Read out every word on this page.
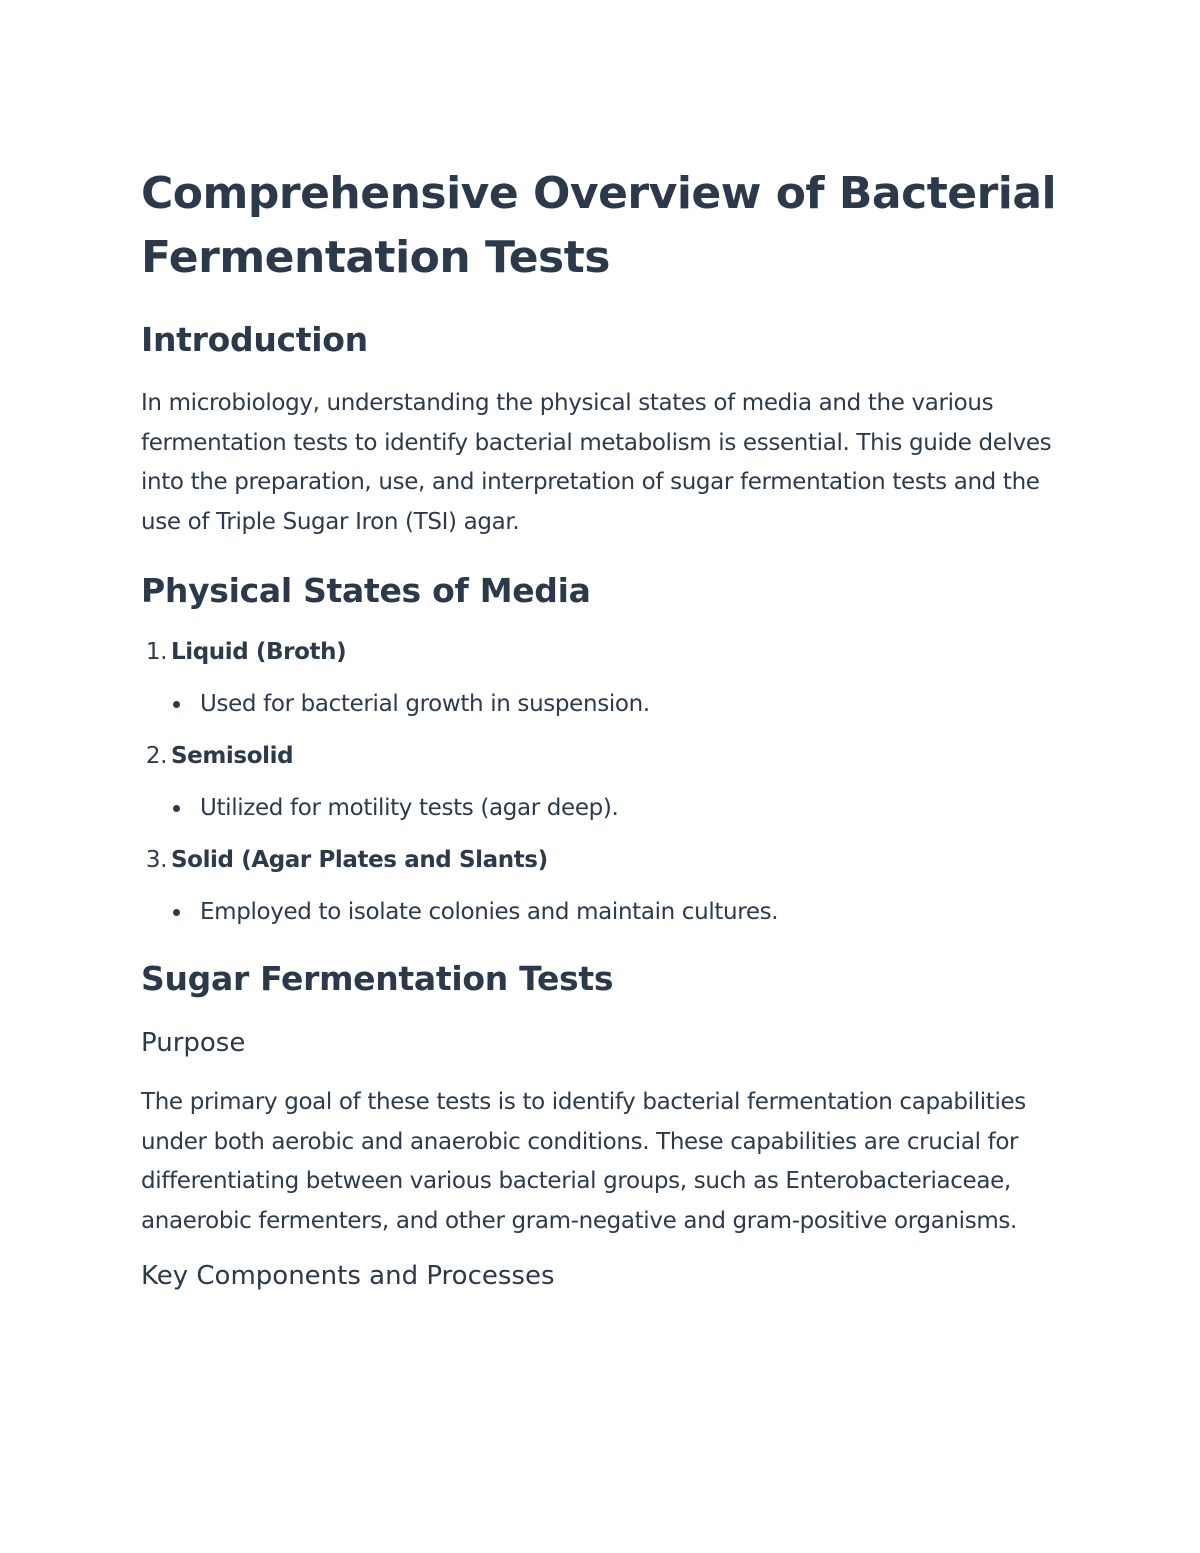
Comprehensive Overview of Bacterial Fermentation Tests
Introduction

In microbiology, understanding the physical states of media and the various fermentation tests to identify bacterial metabolism is essential. This guide delves into the preparation, use, and interpretation of sugar fermentation tests and the use of Triple Sugar Iron (TSI) agar.

Physical States of Media
1 . Liquid (Broth)
Used for bacterial growth in suspension.
2 . Semisolid
Utilized for motility tests (agar deep).
3 . Solid (Agar Plates and Slants)
Employed to isolate colonies and maintain cultures.
Sugar Fermentation Tests
Purpose

The primary goal of these tests is to identify bacterial fermentation capabilities under both aerobic and anaerobic conditions. These capabilities are crucial for differentiating between various bacterial groups, such as Enterobacteriaceae, anaerobic fermenters, and other gram-negative and gram-positive organisms.

Key Components and Processes
